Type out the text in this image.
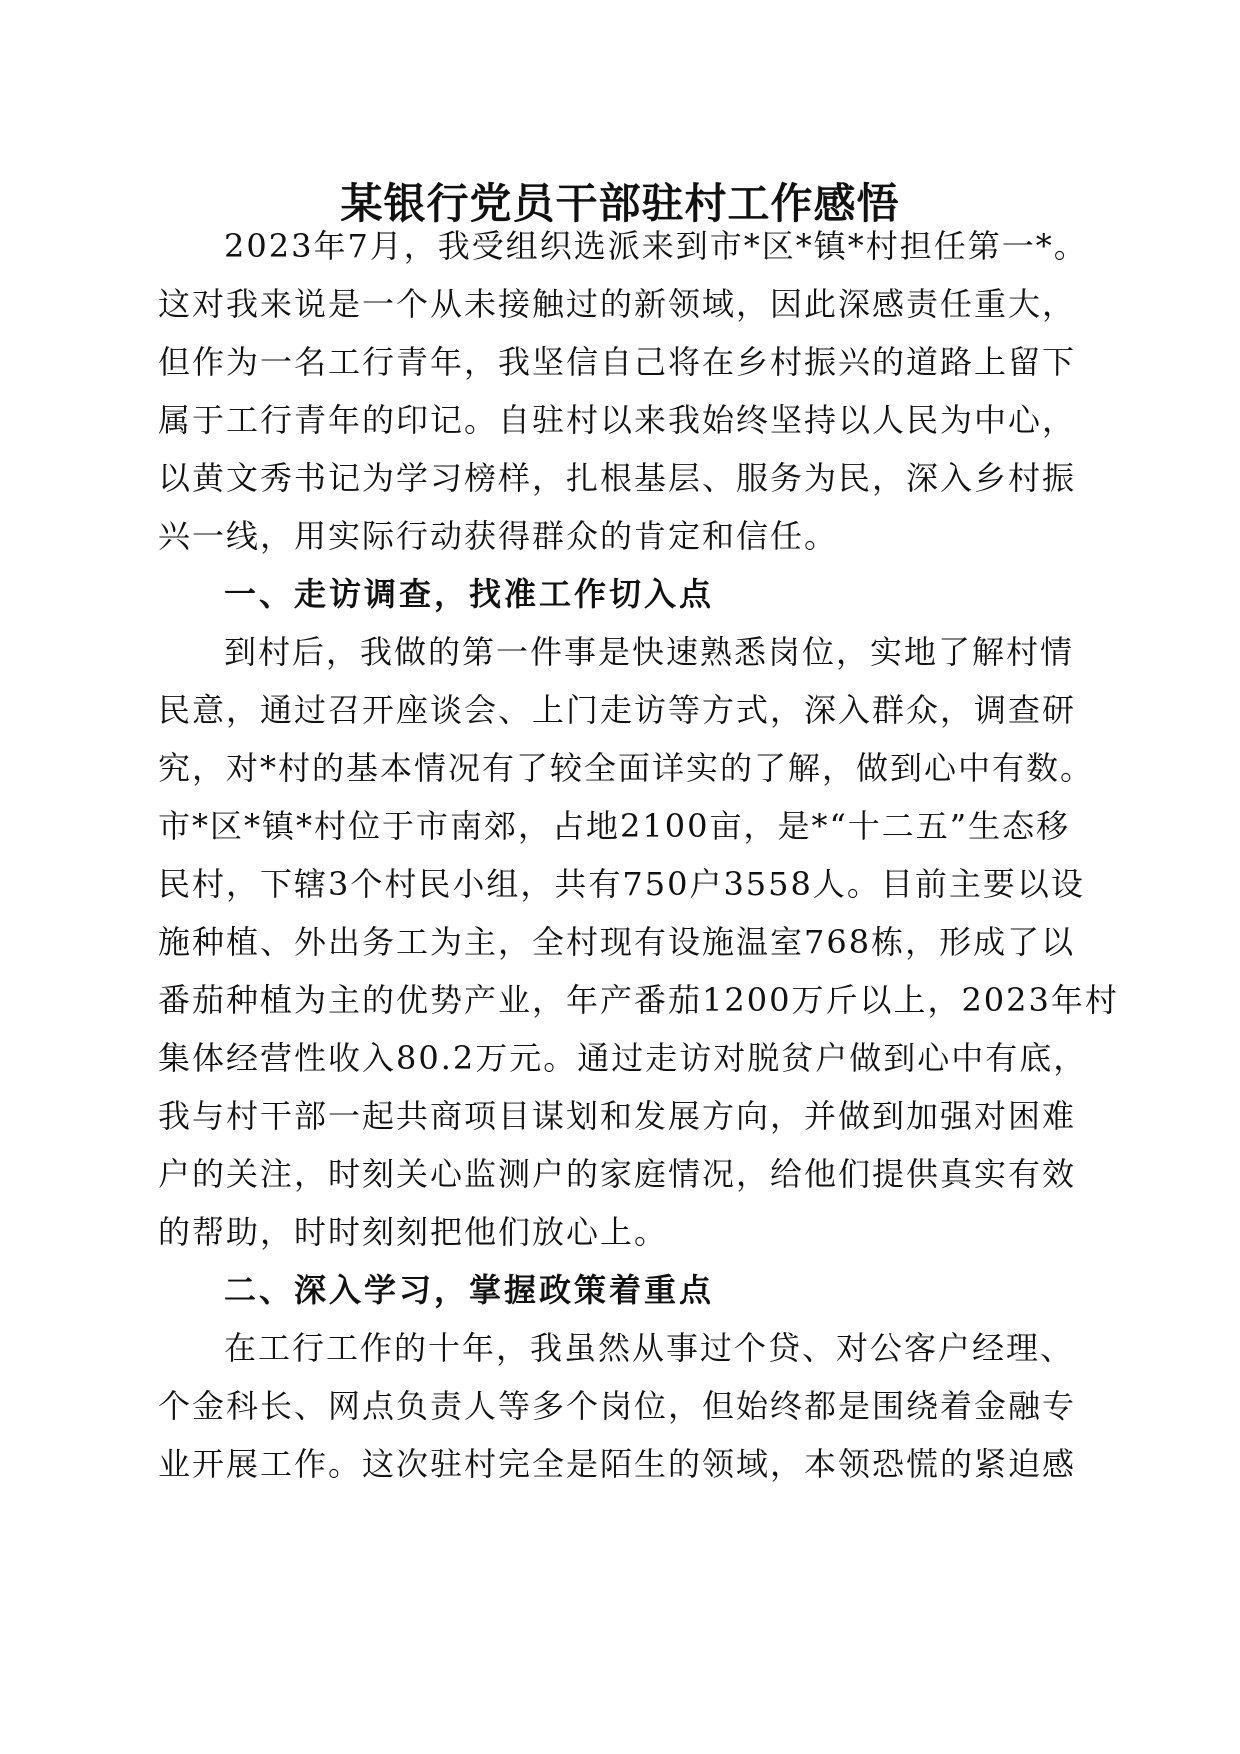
某银行党员干部驻村工作感悟
2023年7月，我受组织选派来到市*区*镇*村担任第一*。
这对我来说是一个从未接触过的新领域，因此深感责任重大，
但作为一名工行青年，我坚信自己将在乡村振兴的道路上留下
属于工行青年的印记。自驻村以来我始终坚持以人民为中心，
以黄文秀书记为学习榜样，扎根基层、服务为民，深入乡村振
兴一线，用实际行动获得群众的肯定和信任。
一、走访调查，找准工作切入点
到村后，我做的第一件事是快速熟悉岗位，实地了解村情
民意，通过召开座谈会、上门走访等方式，深入群众，调查研
究，对*村的基本情况有了较全面详实的了解，做到心中有数。
市*区*镇*村位于市南郊，占地2100亩，是*“十二五”生态移
民村，下辖3个村民小组，共有750户3558人。目前主要以设
施种植、外出务工为主，全村现有设施温室768栋，形成了以
番茄种植为主的优势产业，年产番茄1200万斤以上，2023年村
集体经营性收入80.2万元。通过走访对脱贫户做到心中有底，
我与村干部一起共商项目谋划和发展方向，并做到加强对困难
户的关注，时刻关心监测户的家庭情况，给他们提供真实有效
的帮助，时时刻刻把他们放心上。
二、深入学习，掌握政策着重点
在工行工作的十年，我虽然从事过个贷、对公客户经理、
个金科长、网点负责人等多个岗位，但始终都是围绕着金融专
业开展工作。这次驻村完全是陌生的领域，本领恐慌的紧迫感
